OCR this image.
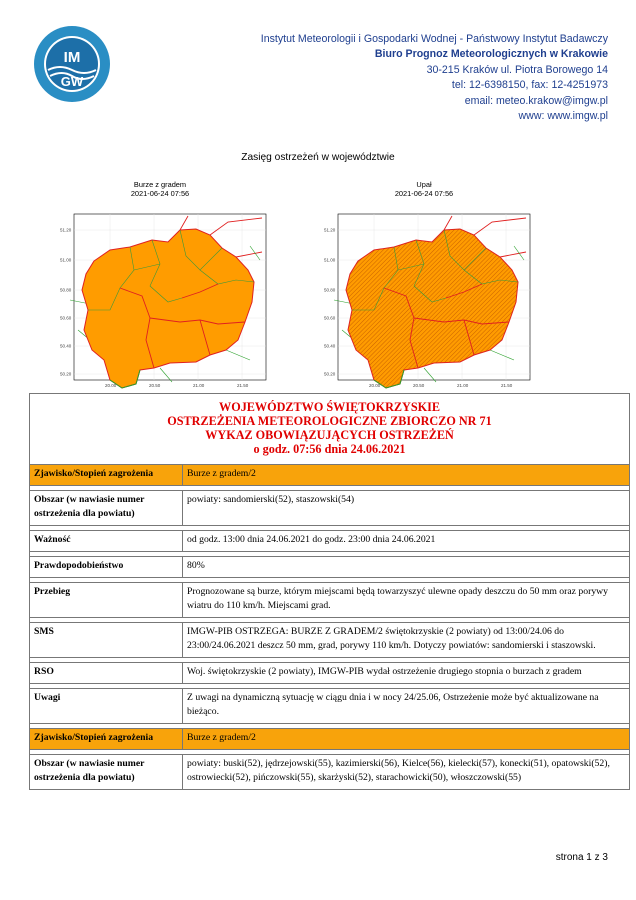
IM
GW
Instytut Meteorologii i Gospodarki Wodnej - Państwowy Instytut Badawczy
Biuro Prognoz Meteorologicznych w Krakowie
30-215 Kraków ul. Piotra Borowego 14
tel: 12-6398150, fax: 12-4251973
email: meteo.krakow@imgw.pl
www: www.imgw.pl
Zasięg ostrzeżeń w województwie
Burze z gradem
2021-06-24 07:56
51.20
51.00
50.80
50.60
50.40
50.20
20.00	20.50	21.00	21.50
Upał
2021-06-24 07:56
51.20
51.00
50.80
50.60
50.40
50.20
20.00	20.50	21.00	21.50
WOJEWÓDZTWO ŚWIĘTOKRZYSKIE
OSTRZEŻENIA METEOROLOGICZNE ZBIORCZO NR 71
WYKAZ OBOWIĄZUJĄCYCH OSTRZEŻEŃ
o godz. 07:56 dnia 24.06.2021	

Zjawisko/Stopień zagrożenia	Burze z gradem/2

Obszar (w nawiasie numer ostrzeżenia dla powiatu)	powiaty: sandomierski(52), staszowski(54)

Ważność	od godz. 13:00 dnia 24.06.2021 do godz. 23:00 dnia 24.06.2021

Prawdopodobieństwo	80%

Przebieg	Prognozowane są burze, którym miejscami będą towarzyszyć ulewne opady deszczu do 50 mm oraz porywy wiatru do 110 km/h. Miejscami grad.

SMS	IMGW-PIB OSTRZEGA: BURZE Z GRADEM/2 świętokrzyskie (2 powiaty) od 13:00/24.06 do 23:00/24.06.2021 deszcz 50 mm, grad, porywy 110 km/h. Dotyczy powiatów: sandomierski i staszowski.

RSO	Woj. świętokrzyskie (2 powiaty), IMGW-PIB wydał ostrzeżenie drugiego stopnia o burzach z gradem

Uwagi	Z uwagi na dynamiczną sytuację w ciągu dnia i w nocy 24/25.06, Ostrzeżenie może być aktualizowane na bieżąco.

Zjawisko/Stopień zagrożenia	Burze z gradem/2

Obszar (w nawiasie numer ostrzeżenia dla powiatu)	powiaty: buski(52), jędrzejowski(55), kazimierski(56), Kielce(56), kielecki(57), konecki(51), opatowski(52), ostrowiecki(52), pińczowski(55), skarżyski(52), starachowicki(50), włoszczowski(55)
strona 1 z 3
